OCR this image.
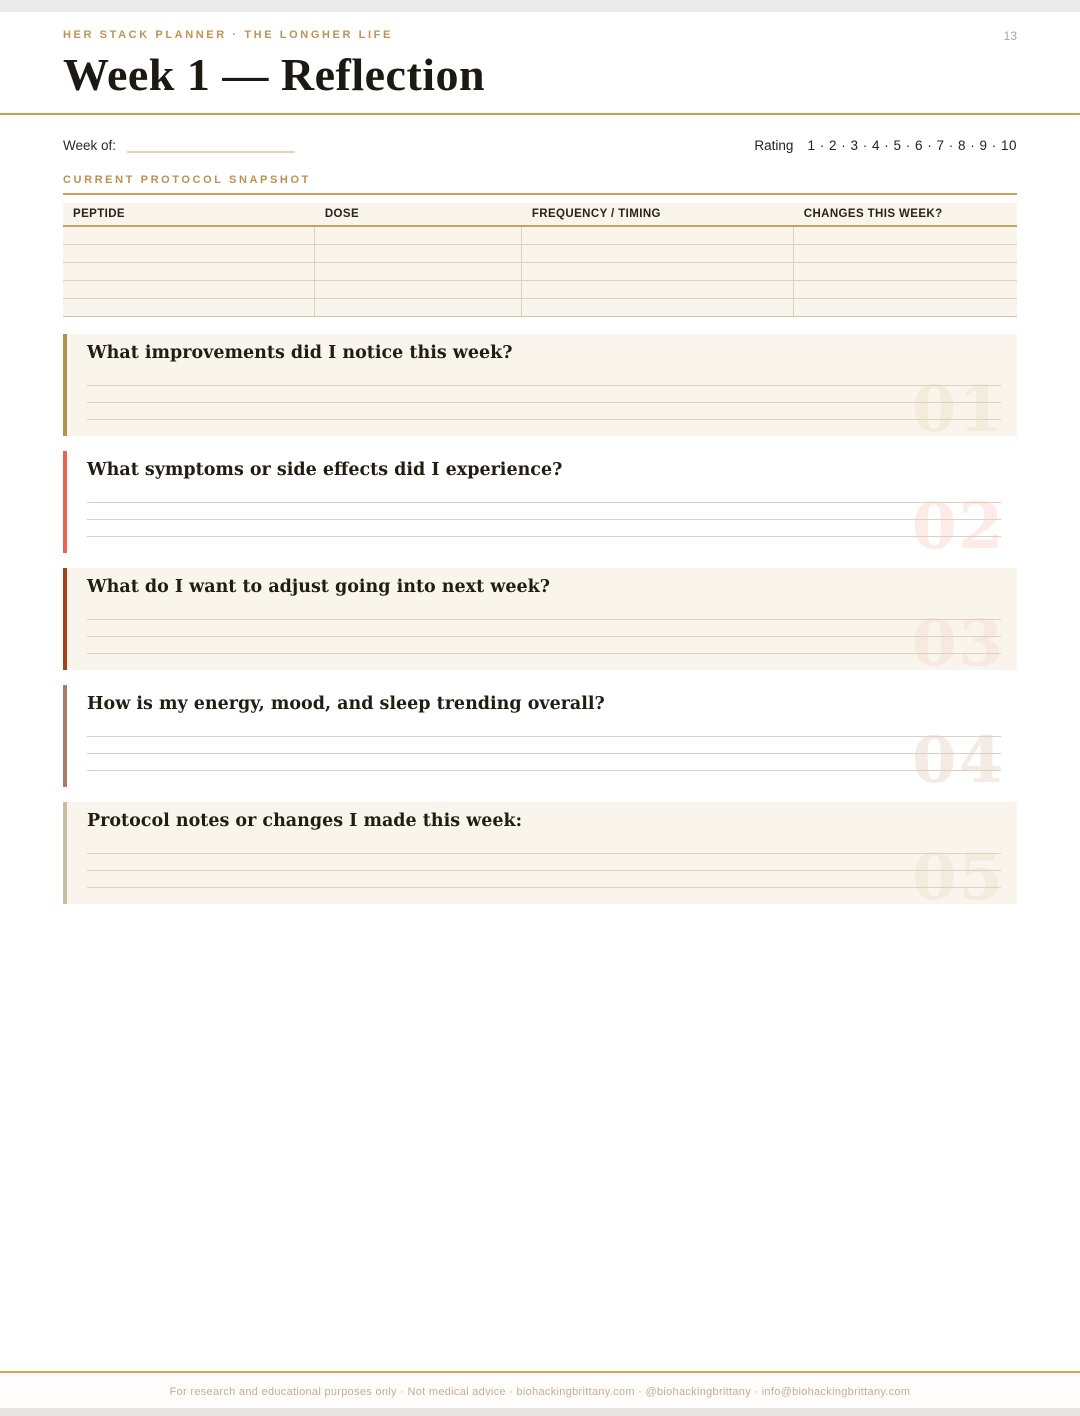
HER STACK PLANNER · THE LONGHER LIFE	13
Week 1 — Reflection
Week of:	Rating 1 · 2 · 3 · 4 · 5 · 6 · 7 · 8 · 9 · 10
CURRENT PROTOCOL SNAPSHOT
PEPTIDE	DOSE	FREQUENCY / TIMING	CHANGES THIS WEEK?
01
What improvements did I notice this week?
02
What symptoms or side effects did I experience?
03
What do I want to adjust going into next week?
04
How is my energy, mood, and sleep trending overall?
05
Protocol notes or changes I made this week:
For research and educational purposes only · Not medical advice · biohackingbrittany.com · @biohackingbrittany · info@biohackingbrittany.com
